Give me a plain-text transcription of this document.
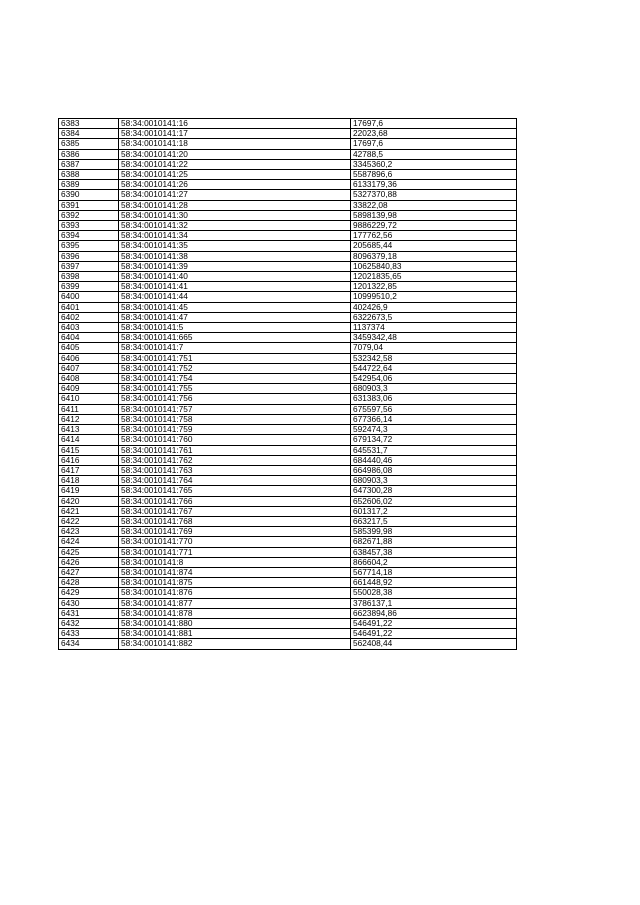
6383	58:34:0010141:16	17697,6
6384	58:34:0010141:17	22023,68
6385	58:34:0010141:18	17697,6
6386	58:34:0010141:20	42788,5
6387	58:34:0010141:22	3345360,2
6388	58:34:0010141:25	5587896,6
6389	58:34:0010141:26	6133179,36
6390	58:34:0010141:27	5327370,88
6391	58:34:0010141:28	33822,08
6392	58:34:0010141:30	5898139,98
6393	58:34:0010141:32	9886229,72
6394	58:34:0010141:34	177762,56
6395	58:34:0010141:35	205685,44
6396	58:34:0010141:38	8096379,18
6397	58:34:0010141:39	10625840,83
6398	58:34:0010141:40	12021835,65
6399	58:34:0010141:41	1201322,85
6400	58:34:0010141:44	10999510,2
6401	58:34:0010141:45	402426,9
6402	58:34:0010141:47	6322673,5
6403	58:34:0010141:5	1137374
6404	58:34:0010141:665	3459342,48
6405	58:34:0010141:7	7079,04
6406	58:34:0010141:751	532342,58
6407	58:34:0010141:752	544722,64
6408	58:34:0010141:754	542954,06
6409	58:34:0010141:755	680903,3
6410	58:34:0010141:756	631383,06
6411	58:34:0010141:757	675597,56
6412	58:34:0010141:758	677366,14
6413	58:34:0010141:759	592474,3
6414	58:34:0010141:760	679134,72
6415	58:34:0010141:761	645531,7
6416	58:34:0010141:762	684440,46
6417	58:34:0010141:763	664986,08
6418	58:34:0010141:764	680903,3
6419	58:34:0010141:765	647300,28
6420	58:34:0010141:766	652606,02
6421	58:34:0010141:767	601317,2
6422	58:34:0010141:768	663217,5
6423	58:34:0010141:769	585399,98
6424	58:34:0010141:770	682671,88
6425	58:34:0010141:771	638457,38
6426	58:34:0010141:8	866604,2
6427	58:34:0010141:874	567714,18
6428	58:34:0010141:875	661448,92
6429	58:34:0010141:876	550028,38
6430	58:34:0010141:877	3786137,1
6431	58:34:0010141:878	6623894,86
6432	58:34:0010141:880	546491,22
6433	58:34:0010141:881	546491,22
6434	58:34:0010141:882	562408,44
